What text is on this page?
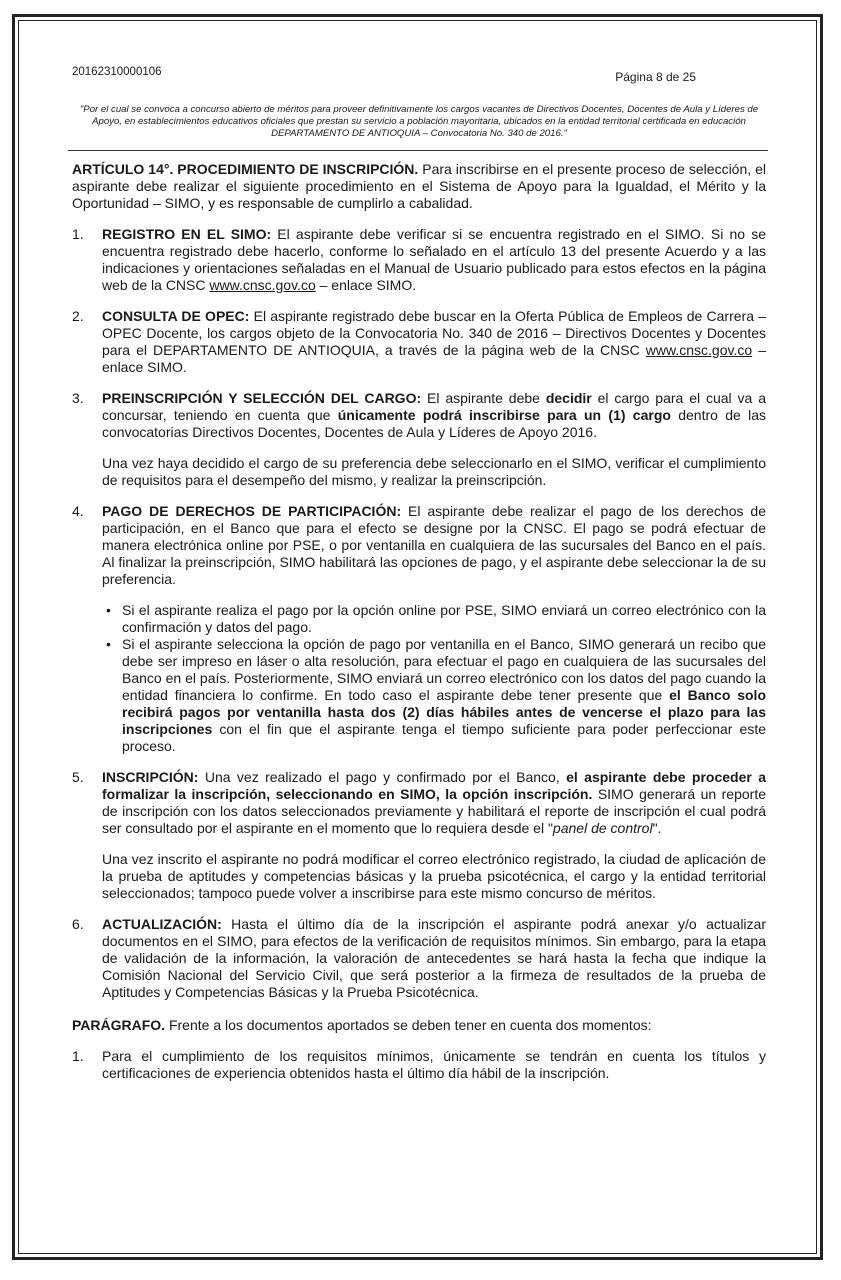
20162310000106	Página 8 de 25
"Por el cual se convoca a concurso abierto de méritos para proveer definitivamente los cargos vacantes de Directivos Docentes, Docentes de Aula y Líderes de Apoyo, en establecimientos educativos oficiales que prestan su servicio a población mayoritaria, ubicados en la entidad territorial certificada en educación DEPARTAMENTO DE ANTIOQUIA – Convocatoria No. 340 de 2016."

ARTÍCULO 14°. PROCEDIMIENTO DE INSCRIPCIÓN. Para inscribirse en el presente proceso de selección, el aspirante debe realizar el siguiente procedimiento en el Sistema de Apoyo para la Igualdad, el Mérito y la Oportunidad – SIMO, y es responsable de cumplirlo a cabalidad.

1. REGISTRO EN EL SIMO: El aspirante debe verificar si se encuentra registrado en el SIMO. Si no se encuentra registrado debe hacerlo, conforme lo señalado en el artículo 13 del presente Acuerdo y a las indicaciones y orientaciones señaladas en el Manual de Usuario publicado para estos efectos en la página web de la CNSC www.cnsc.gov.co – enlace SIMO.

2. CONSULTA DE OPEC: El aspirante registrado debe buscar en la Oferta Pública de Empleos de Carrera – OPEC Docente, los cargos objeto de la Convocatoria No. 340 de 2016 – Directivos Docentes y Docentes para el DEPARTAMENTO DE ANTIOQUIA, a través de la página web de la CNSC www.cnsc.gov.co – enlace SIMO.

3. PREINSCRIPCIÓN Y SELECCIÓN DEL CARGO: El aspirante debe decidir el cargo para el cual va a concursar, teniendo en cuenta que únicamente podrá inscribirse para un (1) cargo dentro de las convocatorias Directivos Docentes, Docentes de Aula y Líderes de Apoyo 2016.

Una vez haya decidido el cargo de su preferencia debe seleccionarlo en el SIMO, verificar el cumplimiento de requisitos para el desempeño del mismo, y realizar la preinscripción.

4. PAGO DE DERECHOS DE PARTICIPACIÓN: El aspirante debe realizar el pago de los derechos de participación, en el Banco que para el efecto se designe por la CNSC. El pago se podrá efectuar de manera electrónica online por PSE, o por ventanilla en cualquiera de las sucursales del Banco en el país. Al finalizar la preinscripción, SIMO habilitará las opciones de pago, y el aspirante debe seleccionar la de su preferencia.

• Si el aspirante realiza el pago por la opción online por PSE, SIMO enviará un correo electrónico con la confirmación y datos del pago.
• Si el aspirante selecciona la opción de pago por ventanilla en el Banco, SIMO generará un recibo que debe ser impreso en láser o alta resolución, para efectuar el pago en cualquiera de las sucursales del Banco en el país. Posteriormente, SIMO enviará un correo electrónico con los datos del pago cuando la entidad financiera lo confirme. En todo caso el aspirante debe tener presente que el Banco solo recibirá pagos por ventanilla hasta dos (2) días hábiles antes de vencerse el plazo para las inscripciones con el fin que el aspirante tenga el tiempo suficiente para poder perfeccionar este proceso.
5. INSCRIPCIÓN: Una vez realizado el pago y confirmado por el Banco, el aspirante debe proceder a formalizar la inscripción, seleccionando en SIMO, la opción inscripción. SIMO generará un reporte de inscripción con los datos seleccionados previamente y habilitará el reporte de inscripción el cual podrá ser consultado por el aspirante en el momento que lo requiera desde el "panel de control".

Una vez inscrito el aspirante no podrá modificar el correo electrónico registrado, la ciudad de aplicación de la prueba de aptitudes y competencias básicas y la prueba psicotécnica, el cargo y la entidad territorial seleccionados; tampoco puede volver a inscribirse para este mismo concurso de méritos.

6. ACTUALIZACIÓN: Hasta el último día de la inscripción el aspirante podrá anexar y/o actualizar documentos en el SIMO, para efectos de la verificación de requisitos mínimos. Sin embargo, para la etapa de validación de la información, la valoración de antecedentes se hará hasta la fecha que indique la Comisión Nacional del Servicio Civil, que será posterior a la firmeza de resultados de la prueba de Aptitudes y Competencias Básicas y la Prueba Psicotécnica.

PARÁGRAFO. Frente a los documentos aportados se deben tener en cuenta dos momentos:

1. Para el cumplimiento de los requisitos mínimos, únicamente se tendrán en cuenta los títulos y certificaciones de experiencia obtenidos hasta el último día hábil de la inscripción.
